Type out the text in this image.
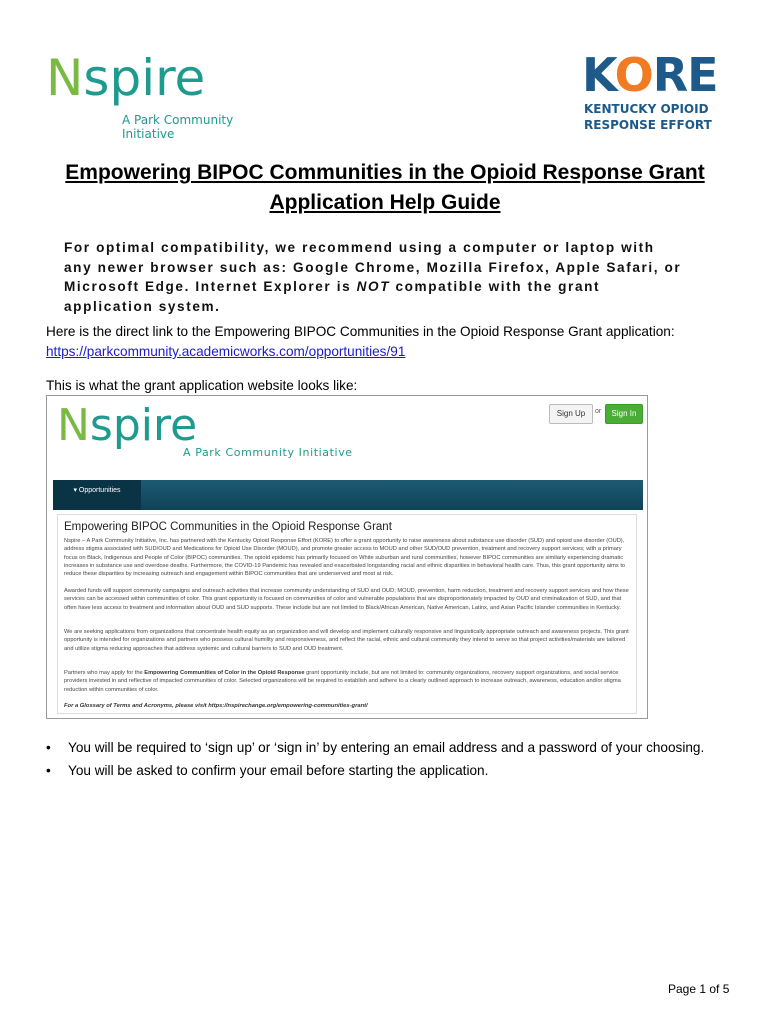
Nspire
A Park Community Initiative
KORE
KENTUCKY OPIOID
RESPONSE EFFORT
Empowering BIPOC Communities in the Opioid Response Grant
Application Help Guide
For optimal compatibility, we recommend using a computer or laptop with any newer browser such as: Google Chrome, Mozilla Firefox, Apple Safari, or Microsoft Edge. Internet Explorer is NOT compatible with the grant application system.
Here is the direct link to the Empowering BIPOC Communities in the Opioid Response Grant application:
https://parkcommunity.academicworks.com/opportunities/91
This is what the grant application website looks like:
Nspire
A Park Community Initiative
Sign Up	or	Sign In
▾ Opportunities
Empowering BIPOC Communities in the Opioid Response Grant
Nspire – A Park Community Initiative, Inc. has partnered with the Kentucky Opioid Response Effort (KORE) to offer a grant opportunity to raise awareness about substance use disorder (SUD) and opioid use disorder (OUD), address stigma associated with SUD/OUD and Medications for Opioid Use Disorder (MOUD), and promote greater access to MOUD and other SUD/OUD prevention, treatment and recovery support services; with a primary focus on Black, Indigenous and People of Color (BIPOC) communities. The opioid epidemic has primarily focused on White suburban and rural communities, however BIPOC communities are similarly experiencing dramatic increases in substance use and overdose deaths. Furthermore, the COVID-19 Pandemic has revealed and exacerbated longstanding racial and ethnic disparities in behavioral health care. Thus, this grant opportunity aims to reduce these disparities by increasing outreach and engagement within BIPOC communities that are underserved and most at risk.
Awarded funds will support community campaigns and outreach activities that increase community understanding of SUD and OUD; MOUD, prevention, harm reduction, treatment and recovery support services and how these services can be accessed within communities of color. This grant opportunity is focused on communities of color and vulnerable populations that are disproportionately impacted by OUD and criminalization of SUD, and that often have less access to treatment and information about OUD and SUD supports. These include but are not limited to Black/African American, Native American, Latinx, and Asian Pacific Islander communities in Kentucky.
We are seeking applications from organizations that concentrate health equity as an organization and will develop and implement culturally responsive and linguistically appropriate outreach and awareness projects. This grant opportunity is intended for organizations and partners who possess cultural humility and responsiveness, and reflect the racial, ethnic and cultural community they intend to serve so that project activities/materials are tailored and utilize stigma reducing approaches that address systemic and cultural barriers to SUD and OUD treatment.
Partners who may apply for the Empowering Communities of Color in the Opioid Response grant opportunity include, but are not limited to: community organizations, recovery support organizations, and social service providers invested in and reflective of impacted communities of color. Selected organizations will be required to establish and adhere to a clearly outlined approach to increase outreach, awareness, education and/or stigma reduction within communities of color.
For a Glossary of Terms and Acronyms, please visit https://nspirechange.org/empowering-communities-grant/
• You will be required to ‘sign up’ or ‘sign in’ by entering an email address and a password of your choosing.
• You will be asked to confirm your email before starting the application.
Page 1 of 5
